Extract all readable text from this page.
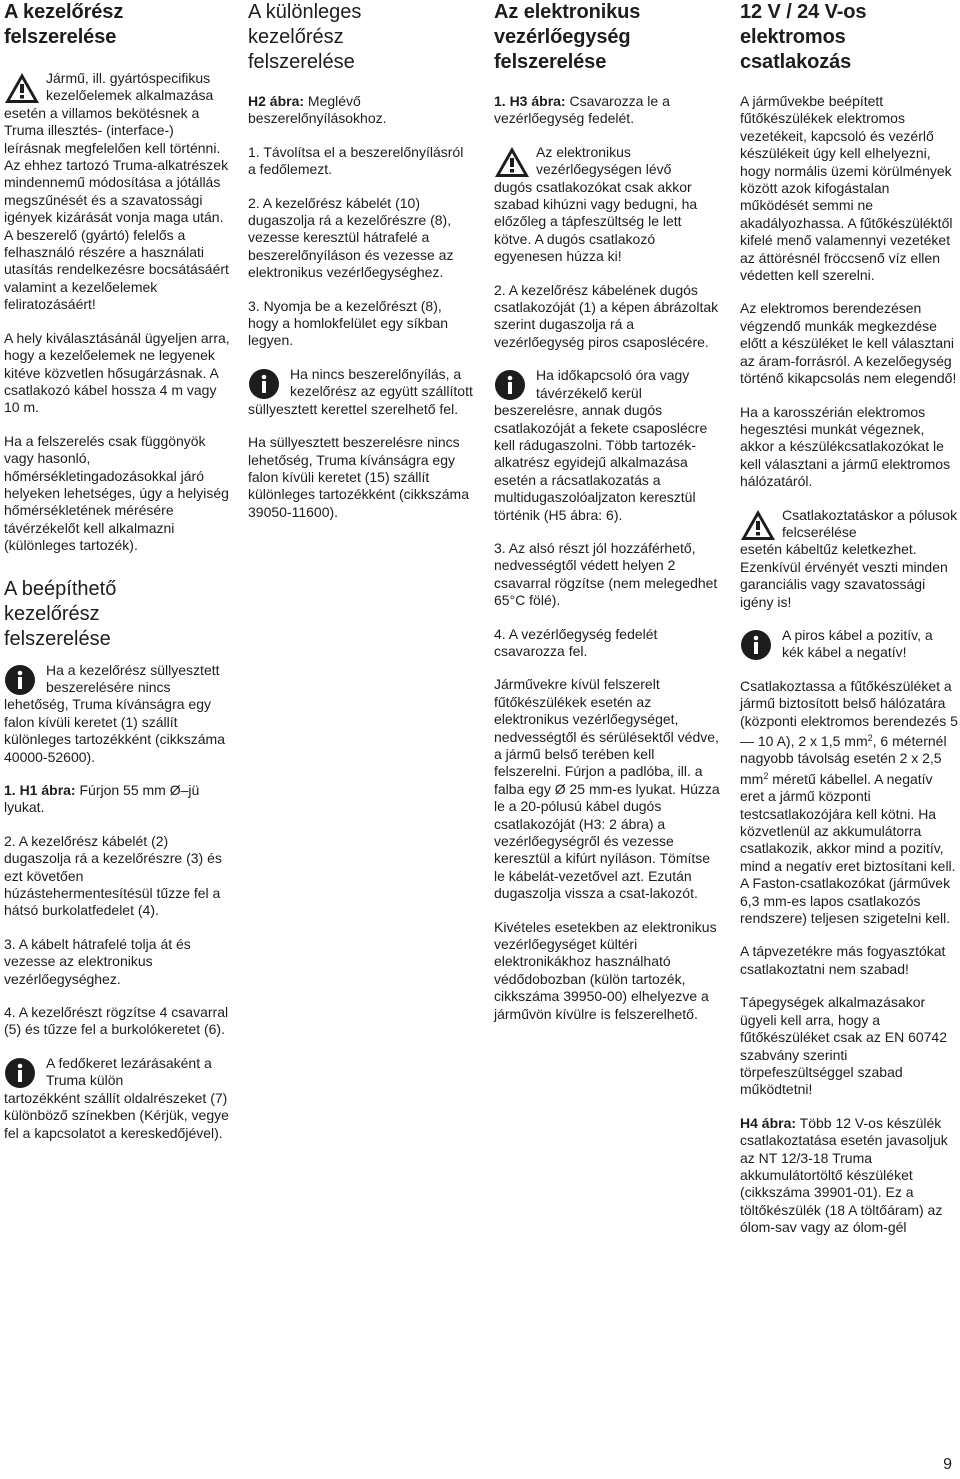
A kezelőrész felszerelése
Jármű, ill. gyártóspecifikus
kezelőelemek alkalmazása esetén a villamos bekötésnek a Truma illesztés- (interface-) leírásnak megfelelően kell történni. Az ehhez tartozó Truma-alkatrészek mindennemű módosítása a jótállás megszűnését és a szavatossági igények kizárását vonja maga után. A beszerelő (gyártó) felelős a felhasználó részére a használati utasítás rendelkezésre bocsátásáért valamint a kezelőelemek feliratozásáért!

A hely kiválasztásánál ügyeljen arra, hogy a kezelőelemek ne legyenek kitéve közvetlen hősugárzásnak. A csatlakozó kábel hossza 4 m vagy 10 m.

Ha a felszerelés csak függönyök vagy hasonló, hőmérsékletingadozásokkal járó helyeken lehetséges, úgy a helyiség hőmérsékletének mérésére távérzékelőt kell alkalmazni (különleges tartozék).

A beépíthető kezelőrész felszerelése
Ha a kezelőrész süllyesztett
beszerelésére nincs lehetőség, Truma kívánságra egy falon kívüli keretet (1) szállít különleges tartozékként (cikkszáma 40000-52600).

1. H1 ábra: Fúrjon 55 mm Ø–jü lyukat.

2. A kezelőrész kábelét (2) dugaszolja rá a kezelőrészre (3) és ezt követően húzástehermentesítésül tűzze fel a hátsó burkolatfedelet (4).

3. A kábelt hátrafelé tolja át és vezesse az elektronikus vezérlőegységhez.

4. A kezelőrészt rögzítse 4 csavarral (5) és tűzze fel a burkolókeretet (6).

A fedőkeret lezárásaként a Truma külön
tartozékként szállít oldalrészeket (7) különböző színekben (Kérjük, vegye fel a kapcsolatot a kereskedőjével).
A különleges kezelőrész felszerelése

H2 ábra: Meglévő beszerelőnyílásokhoz.

1. Távolítsa el a beszerelőnyílásról a fedőlemezt.

2. A kezelőrész kábelét (10) dugaszolja rá a kezelőrészre (8), vezesse keresztül hátrafelé a beszerelőnyíláson és vezesse az elektronikus vezérlőegységhez.

3. Nyomja be a kezelőrészt (8), hogy a homlokfelület egy síkban legyen.

Ha nincs beszerelőnyílás, a
kezelőrész az együtt szállított süllyesztett kerettel szerelhető fel.

Ha süllyesztett beszerelésre nincs lehetőség, Truma kívánságra egy falon kívüli keretet (15) szállít különleges tartozékként (cikkszáma 39050-11600).

Az elektronikus vezérlőegység felszerelése

1. H3 ábra: Csavarozza le a vezérlőegység fedelét.

Az elektronikus vezérlőegységen lévő
dugós csatlakozókat csak akkor szabad kihúzni vagy bedugni, ha előzőleg a tápfeszültség le lett kötve. A dugós csatlakozó egyenesen húzza ki!

2. A kezelőrész kábelének dugós csatlakozóját (1) a képen ábrázoltak szerint dugaszolja rá a vezérlőegység piros csaposlécére.

Ha időkapcsoló óra vagy távérzékelő kerül
beszerelésre, annak dugós csatlakozóját a fekete csaposlécre kell rádugaszolni. Több tartozék-alkatrész egyidejű alkalmazása esetén a rácsatlakozatás a multidugaszolóaljzaton keresztül történik (H5 ábra: 6).

3. Az alsó részt jól hozzáférhető, nedvességtől védett helyen 2 csavarral rögzítse (nem melegedhet 65°C fölé).

4. A vezérlőegység fedelét csavarozza fel.

Járművekre kívül felszerelt fűtőkészülékek esetén az elektronikus vezérlőegységet, nedvességtől és sérülésektől védve, a jármű belső terében kell felszerelni. Fúrjon a padlóba, ill. a falba egy Ø 25 mm-es lyukat. Húzza le a 20-pólusú kábel dugós csatlakozóját (H3: 2 ábra) a vezérlőegységről és vezesse keresztül a kifúrt nyíláson. Tömítse le kábelát-vezetővel azt. Ezután dugaszolja vissza a csat-lakozót.

Kivételes esetekben az elektronikus vezérlőegységet kültéri elektronikákhoz használható védődobozban (külön tartozék, cikkszáma 39950-00) elhelyezve a járművön kívülre is felszerelhető.

12 V / 24 V-os elektromos csatlakozás

A járművekbe beépített fűtőkészülékek elektromos vezetékeit, kapcsoló és vezérlő készülékeit úgy kell elhelyezni, hogy normális üzemi körülmények között azok kifogástalan működését semmi ne akadályozhassa. A fűtőkészüléktől kifelé menő valamennyi vezetéket az áttörésnél fröccsenő víz ellen védetten kell szerelni.

Az elektromos berendezésen végzendő munkák megkezdése előtt a készüléket le kell választani az áram-forrásról. A kezelőegység történő kikapcsolás nem elegendő!

Ha a karosszérián elektromos hegesztési munkát végeznek, akkor a készülékcsatlakozókat le kell választani a jármű elektromos hálózatáról.

Csatlakoztatáskor a pólusok felcserélése
esetén kábeltűz keletkezhet. Ezenkívül érvényét veszti minden garanciális vagy szavatossági igény is!
A piros kábel a pozitív, a kék kábel a negatív!

Csatlakoztassa a fűtőkészüléket a jármű biztosított belső hálózatára (központi elektromos berendezés 5 — 10 A), 2 x 1,5 $mm^2$, 6 méternél nagyobb távolság esetén 2 x 2,5 $mm^2$ méretű kábellel. A negatív eret a jármű központi testcsatlakozójára kell kötni. Ha közvetlenül az akkumulátorra csatlakozik, akkor mind a pozitív, mind a negatív eret biztosítani kell. A Faston-csatlakozókat (járművek 6,3 mm-es lapos csatlakozós rendszere) teljesen szigetelni kell.

A tápvezetékre más fogyasztókat csatlakoztatni nem szabad!

Tápegységek alkalmazásakor ügyeli kell arra, hogy a fűtőkészüléket csak az EN 60742 szabvány szerinti törpefeszültséggel szabad működtetni!

H4 ábra: Több 12 V-os készülék csatlakoztatása esetén javasoljuk az NT 12/3-18 Truma akkumulátortöltő készüléket (cikkszáma 39901-01). Ez a töltőkészülék (18 A töltőáram) az ólom-sav vagy az ólom-gél

9
